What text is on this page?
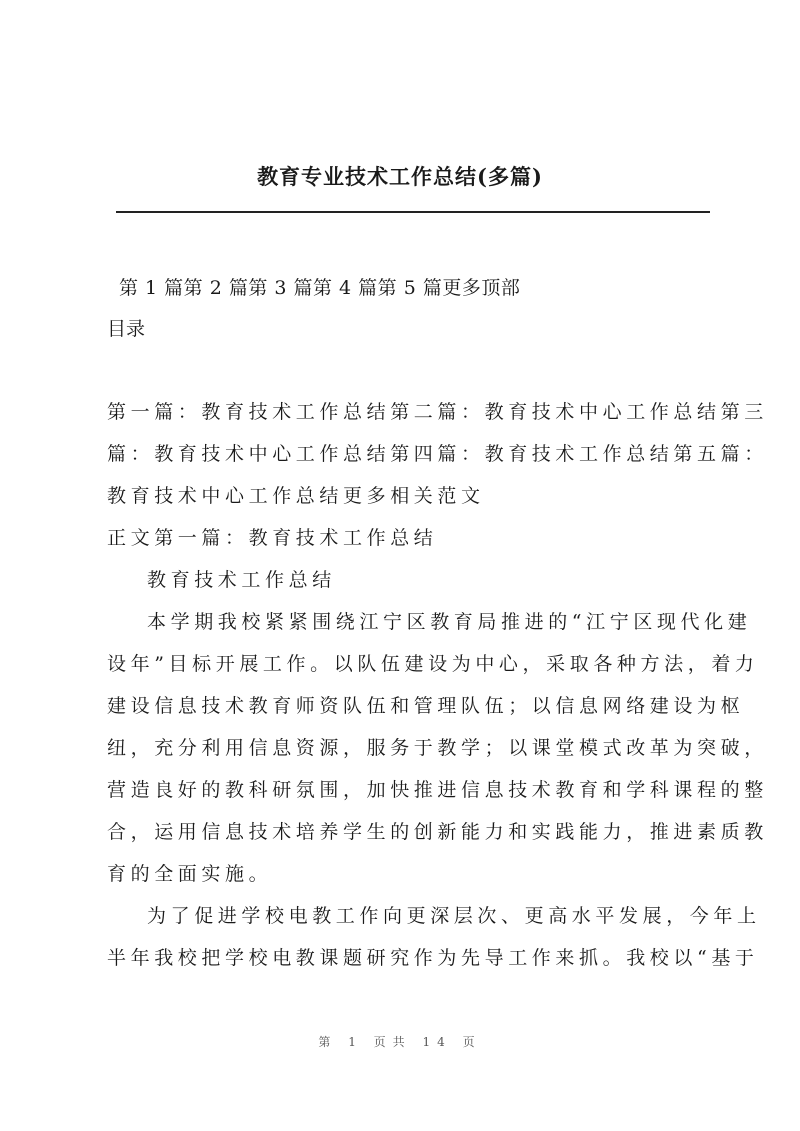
教育专业技术工作总结(多篇)
第 1 篇第 2 篇第 3 篇第 4 篇第 5 篇更多顶部
目录
第一篇：教育技术工作总结第二篇：教育技术中心工作总结第三
篇：教育技术中心工作总结第四篇：教育技术工作总结第五篇：
教育技术中心工作总结更多相关范文
正文第一篇：教育技术工作总结
教育技术工作总结
本学期我校紧紧围绕江宁区教育局推进的“江宁区现代化建
设年”目标开展工作。以队伍建设为中心，采取各种方法，着力
建设信息技术教育师资队伍和管理队伍；以信息网络建设为枢
纽，充分利用信息资源，服务于教学；以课堂模式改革为突破，
营造良好的教科研氛围，加快推进信息技术教育和学科课程的整
合，运用信息技术培养学生的创新能力和实践能力，推进素质教
育的全面实施。
为了促进学校电教工作向更深层次、更高水平发展，今年上
半年我校把学校电教课题研究作为先导工作来抓。我校以“基于
第 1 页共 14 页
